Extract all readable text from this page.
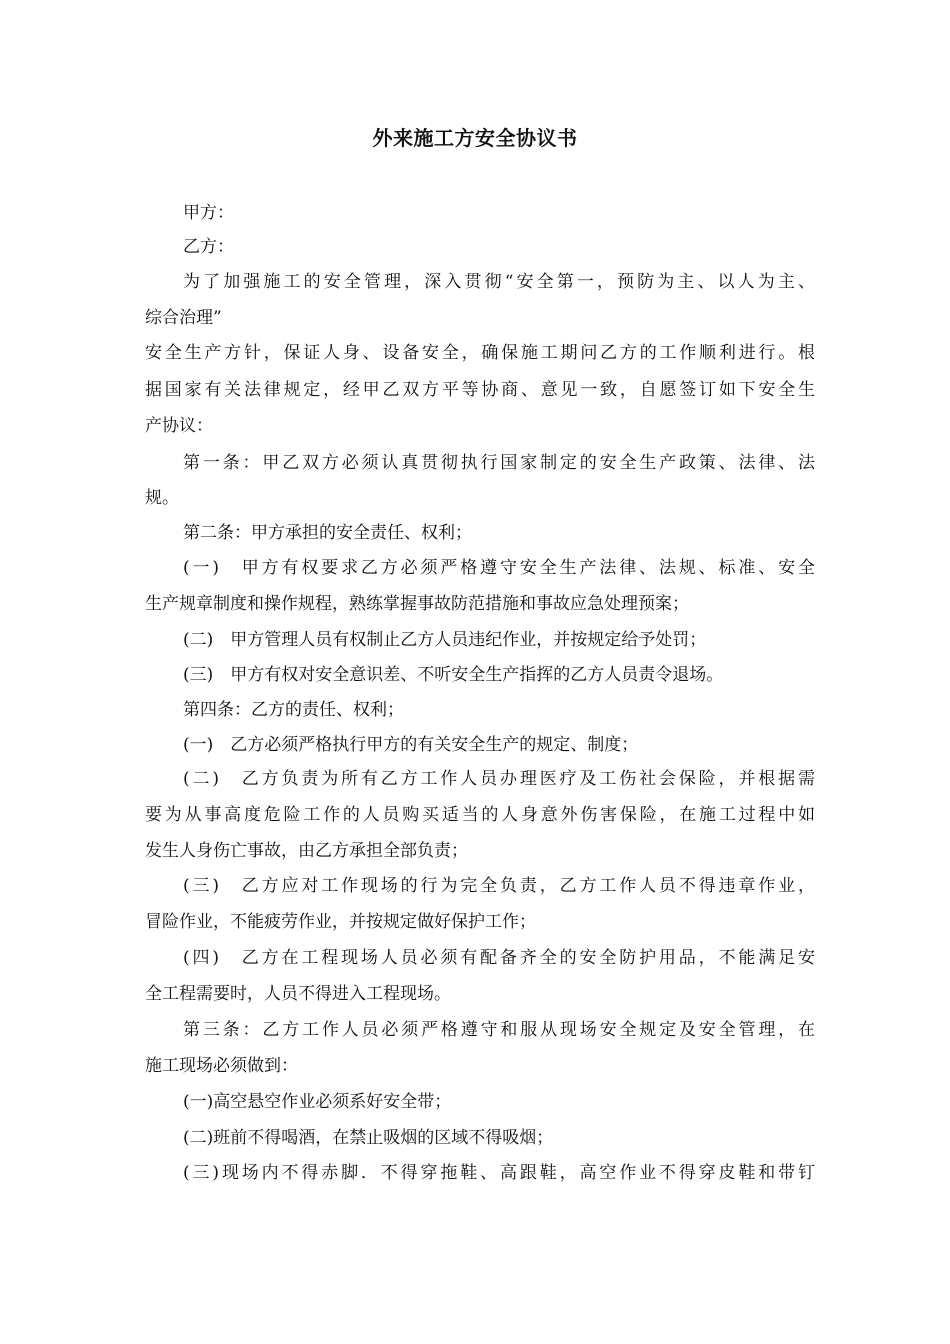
外来施工方安全协议书
甲方：
乙方：
为了加强施工的安全管理，深入贯彻“安全第一，预防为主、以人为主、
综合治理”
安全生产方针，保证人身、设备安全，确保施工期问乙方的工作顺利进行。根
据国家有关法律规定，经甲乙双方平等协商、意见一致，自愿签订如下安全生
产协议：
第一条：甲乙双方必须认真贯彻执行国家制定的安全生产政策、法律、法
规。
第二条：甲方承担的安全责任、权利；
(一)　甲方有权要求乙方必须严格遵守安全生产法律、法规、标准、安全
生产规章制度和操作规程，熟练掌握事故防范措施和事故应急处理预案；
(二)　甲方管理人员有权制止乙方人员违纪作业，并按规定给予处罚；
(三)　甲方有权对安全意识差、不听安全生产指挥的乙方人员责令退场。
第四条：乙方的责任、权利；
(一)　乙方必须严格执行甲方的有关安全生产的规定、制度；
(二)　乙方负责为所有乙方工作人员办理医疗及工伤社会保险，并根据需
要为从事高度危险工作的人员购买适当的人身意外伤害保险，在施工过程中如
发生人身伤亡事故，由乙方承担全部负责；
(三)　乙方应对工作现场的行为完全负责，乙方工作人员不得违章作业，
冒险作业，不能疲劳作业，并按规定做好保护工作；
(四)　乙方在工程现场人员必须有配备齐全的安全防护用品，不能满足安
全工程需要时，人员不得进入工程现场。
第三条：乙方工作人员必须严格遵守和服从现场安全规定及安全管理，在
施工现场必须做到：
(一)高空悬空作业必须系好安全带；
(二)班前不得喝酒，在禁止吸烟的区域不得吸烟；
(三)现场内不得赤脚．不得穿拖鞋、高跟鞋，高空作业不得穿皮鞋和带钉
